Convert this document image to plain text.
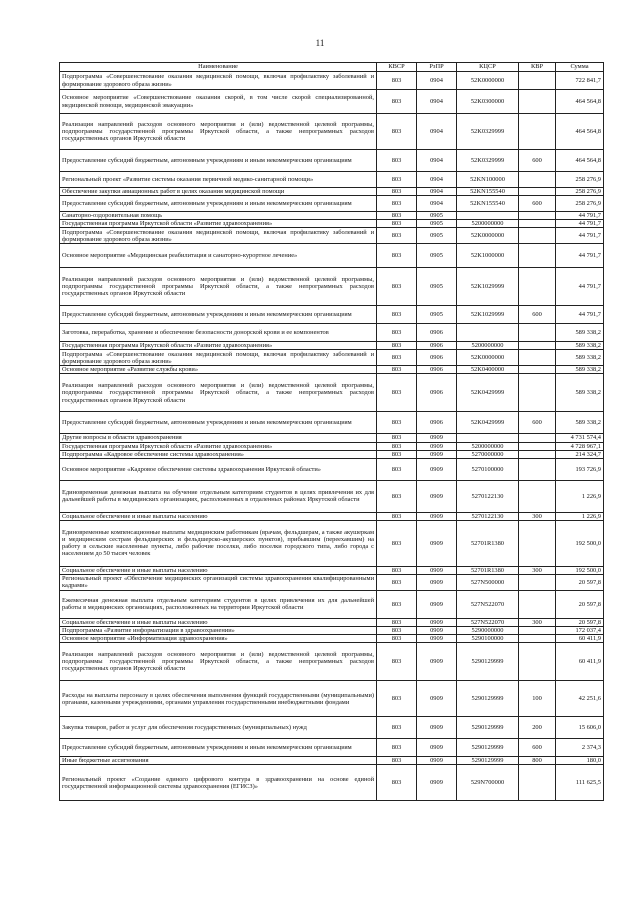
11
Наименование	КВСР	РзПР	КЦСР	КВР	Сумма
Подпрограмма «Совершенствование оказания медицинской помощи, включая профилактику заболеваний и формирование здорового образа жизни»	803	0904	52K0000000		722 841,7
Основное мероприятие «Совершенствование оказания скорой, в том числе скорой специализированной, медицинской помощи, медицинской эвакуации»	803	0904	52K0300000		464 564,8
Реализация направлений расходов основного мероприятия и (или) ведомственной целевой программы, подпрограммы государственной программы Иркутской области, а также непрограммных расходов государственных органов Иркутской области	803	0904	52K0329999		464 564,8
Предоставление субсидий бюджетным, автономным учреждениям и иным некоммерческим организациям	803	0904	52K0329999	600	464 564,8
Региональный проект «Развитие системы оказания первичной медико-санитарной помощи»	803	0904	52KN100000		258 276,9
Обеспечение закупки авиационных работ в целях оказания медицинской помощи	803	0904	52KN155540		258 276,9
Предоставление субсидий бюджетным, автономным учреждениям и иным некоммерческим организациям	803	0904	52KN155540	600	258 276,9
Санаторно-оздоровительная помощь	803	0905			44 791,7
Государственная программа Иркутской области «Развитие здравоохранения»	803	0905	5200000000		44 791,7
Подпрограмма «Совершенствование оказания медицинской помощи, включая профилактику заболеваний и формирование здорового образа жизни»	803	0905	52K0000000		44 791,7
Основное мероприятие «Медицинская реабилитация и санаторно-курортное лечение»	803	0905	52K1000000		44 791,7
Реализация направлений расходов основного мероприятия и (или) ведомственной целевой программы, подпрограммы государственной программы Иркутской области, а также непрограммных расходов государственных органов Иркутской области	803	0905	52K1029999		44 791,7
Предоставление субсидий бюджетным, автономным учреждениям и иным некоммерческим организациям	803	0905	52K1029999	600	44 791,7
Заготовка, переработка, хранение и обеспечение безопасности донорской крови и ее компонентов	803	0906			589 338,2
Государственная программа Иркутской области «Развитие здравоохранения»	803	0906	5200000000		589 338,2
Подпрограмма «Совершенствование оказания медицинской помощи, включая профилактику заболеваний и формирование здорового образа жизни»	803	0906	52K0000000		589 338,2
Основное мероприятие «Развитие службы крови»	803	0906	52K0400000		589 338,2
Реализация направлений расходов основного мероприятия и (или) ведомственной целевой программы, подпрограммы государственной программы Иркутской области, а также непрограммных расходов государственных органов Иркутской области	803	0906	52K0429999		589 338,2
Предоставление субсидий бюджетным, автономным учреждениям и иным некоммерческим организациям	803	0906	52K0429999	600	589 338,2
Другие вопросы в области здравоохранения	803	0909			4 731 574,4
Государственная программа Иркутской области «Развитие здравоохранения»	803	0909	5200000000		4 728 967,1
Подпрограмма «Кадровое обеспечение системы здравоохранения»	803	0909	5270000000		214 324,7
Основное мероприятие «Кадровое обеспечение системы здравоохранения Иркутской области»	803	0909	5270100000		193 726,9
Единовременная денежная выплата на обучение отдельным категориям студентов в целях привлечения их для дальнейшей работы в медицинских организациях, расположенных в отдаленных районах Иркутской области	803	0909	5270122130		1 226,9
Социальное обеспечение и иные выплаты населению	803	0909	5270122130	300	1 226,9
Единовременные компенсационные выплаты медицинским работникам (врачам, фельдшерам, а также акушеркам и медицинским сестрам фельдшерских и фельдшерско-акушерских пунктов), прибывшим (переехавшим) на работу в сельские населенные пункты, либо рабочие поселки, либо поселки городского типа, либо города с населением до 50 тысяч человек	803	0909	52701R1380		192 500,0
Социальное обеспечение и иные выплаты населению	803	0909	52701R1380	300	192 500,0
Региональный проект «Обеспечение медицинских организаций системы здравоохранения квалифицированными кадрами»	803	0909	527N500000		20 597,8
Ежемесячная денежная выплата отдельным категориям студентов в целях привлечения их для дальнейшей работы в медицинских организациях, расположенных на территории Иркутской области	803	0909	527N522070		20 597,8
Социальное обеспечение и иные выплаты населению	803	0909	527N522070	300	20 597,8
Подпрограмма «Развитие информатизации в здравоохранении»	803	0909	5290000000		172 037,4
Основное мероприятие «Информатизация здравоохранения»	803	0909	5290100000		60 411,9
Реализация направлений расходов основного мероприятия и (или) ведомственной целевой программы, подпрограммы государственной программы Иркутской области, а также непрограммных расходов государственных органов Иркутской области	803	0909	5290129999		60 411,9
Расходы на выплаты персоналу в целях обеспечения выполнения функций государственными (муниципальными) органами, казенными учреждениями, органами управления государственными внебюджетными фондами	803	0909	5290129999	100	42 251,6
Закупка товаров, работ и услуг для обеспечения государственных (муниципальных) нужд	803	0909	5290129999	200	15 606,0
Предоставление субсидий бюджетным, автономным учреждениям и иным некоммерческим организациям	803	0909	5290129999	600	2 374,3
Иные бюджетные ассигнования	803	0909	5290129999	800	180,0
Региональный проект «Создание единого цифрового контура в здравоохранении на основе единой государственной информационной системы здравоохранения (ЕГИСЗ)»	803	0909	529N700000		111 625,5
